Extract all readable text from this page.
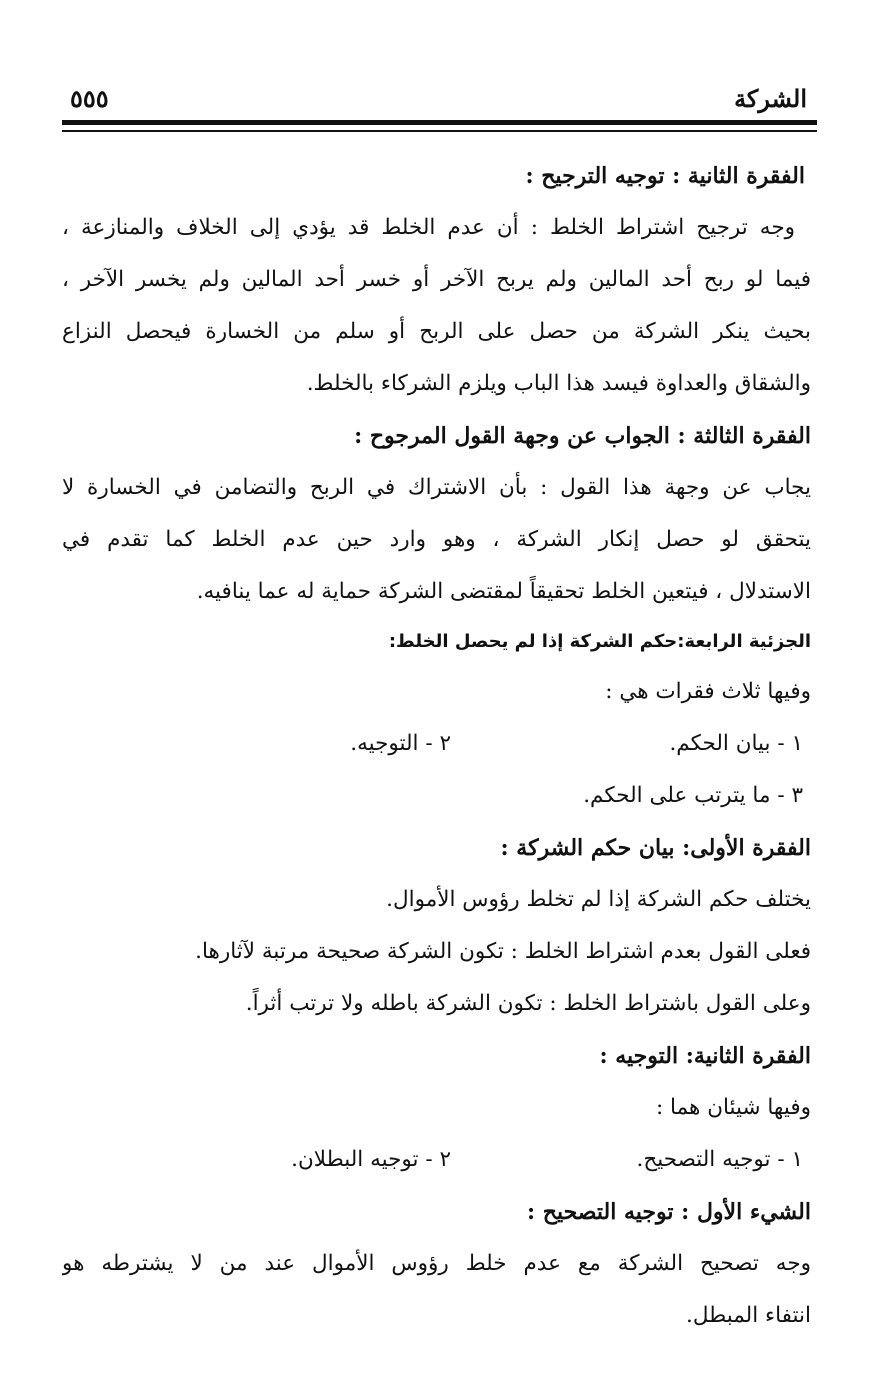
الشركة
٥٥٥
الفقرة الثانية : توجيه الترجيح :
وجه ترجيح اشتراط الخلط : أن عدم الخلط قد يؤدي إلى الخلاف والمنازعة ،
فيما لو ربح أحد المالين ولم يربح الآخر أو خسر أحد المالين ولم يخسر الآخر ،
بحيث ينكر الشركة من حصل على الربح أو سلم من الخسارة فيحصل النزاع
والشقاق والعداوة فيسد هذا الباب ويلزم الشركاء بالخلط.
الفقرة الثالثة : الجواب عن وجهة القول المرجوح :
يجاب عن وجهة هذا القول : بأن الاشتراك في الربح والتضامن في الخسارة لا
يتحقق لو حصل إنكار الشركة ، وهو وارد حين عدم الخلط كما تقدم في
الاستدلال ، فيتعين الخلط تحقيقاً لمقتضى الشركة حماية له عما ينافيه.
الجزئية الرابعة:حكم الشركة إذا لم يحصل الخلط:
وفيها ثلاث فقرات هي :
١ - بيان الحكم.
٢ - التوجيه.
٣ - ما يترتب على الحكم.
الفقرة الأولى: بيان حكم الشركة :
يختلف حكم الشركة إذا لم تخلط رؤوس الأموال.
فعلى القول بعدم اشتراط الخلط : تكون الشركة صحيحة مرتبة لآثارها.
وعلى القول باشتراط الخلط : تكون الشركة باطله ولا ترتب أثراً.
الفقرة الثانية: التوجيه :
وفيها شيئان هما :
١ - توجيه التصحيح.
٢ - توجيه البطلان.
الشيء الأول : توجيه التصحيح :
وجه تصحيح الشركة مع عدم خلط رؤوس الأموال عند من لا يشترطه هو
انتفاء المبطل.
